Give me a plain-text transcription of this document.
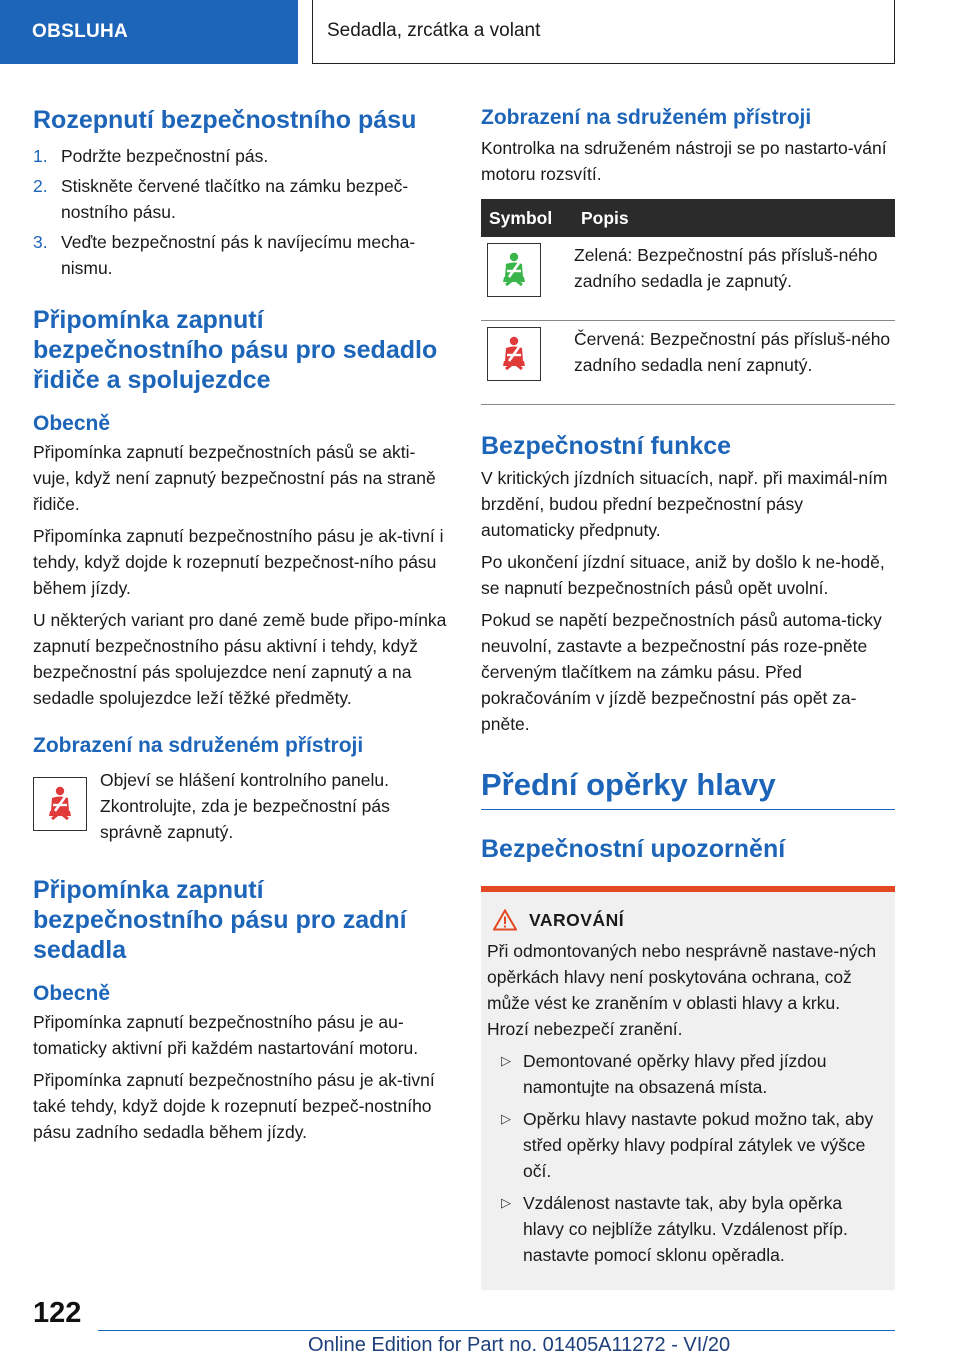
OBSLUHA	Sedadla, zrcátka a volant
Rozepnutí bezpečnostního pásu
1. Podržte bezpečnostní pás.
2. Stiskněte červené tlačítko na zámku bezpeč‐nostního pásu.
3. Veďte bezpečnostní pás k navíjecímu mecha‐nismu.
Připomínka zapnutí bezpečnostního pásu pro sedadlo řidiče a spolujezdce
Obecně

Připomínka zapnutí bezpečnostních pásů se akti‐vuje, když není zapnutý bezpečnostní pás na straně řidiče.

Připomínka zapnutí bezpečnostního pásu je ak‐tivní i tehdy, když dojde k rozepnutí bezpečnost‐ního pásu během jízdy.

U některých variant pro dané země bude připo‐mínka zapnutí bezpečnostního pásu aktivní i tehdy, když bezpečnostní pás spolujezdce není zapnutý a na sedadle spolujezdce leží těžké předměty.

Zobrazení na sdruženém přístroji

Objeví se hlášení kontrolního panelu. Zkontrolujte, zda je bezpečnostní pás správně zapnutý.

Připomínka zapnutí bezpečnostního pásu pro zadní sedadla
Obecně

Připomínka zapnutí bezpečnostního pásu je au‐tomaticky aktivní při každém nastartování motoru.

Připomínka zapnutí bezpečnostního pásu je ak‐tivní také tehdy, když dojde k rozepnutí bezpeč‐nostního pásu zadního sedadla během jízdy.

Zobrazení na sdruženém přístroji

Kontrolka na sdruženém nástroji se po nastarto‐vání motoru rozsvítí.

Symbol	Popis

	Zelená: Bezpečnostní pás přísluš‐ného zadního sedadla je zapnutý.

	Červená: Bezpečnostní pás přísluš‐ného zadního sedadla není zapnutý.
Bezpečnostní funkce

V kritických jízdních situacích, např. při maximál‐ním brzdění, budou přední bezpečnostní pásy automaticky předpnuty.

Po ukončení jízdní situace, aniž by došlo k ne‐hodě, se napnutí bezpečnostních pásů opět uvolní.

Pokud se napětí bezpečnostních pásů automa‐ticky neuvolní, zastavte a bezpečnostní pás roze‐pněte červeným tlačítkem na zámku pásu. Před pokračováním v jízdě bezpečnostní pás opět za‐pněte.

Přední opěrky hlavy
Bezpečnostní upozornění
VAROVÁNÍ

Při odmontovaných nebo nesprávně nastave‐ných opěrkách hlavy není poskytována ochrana, což může vést ke zraněním v oblasti hlavy a krku. Hrozí nebezpečí zranění.

▷ Demontované opěrky hlavy před jízdou namontujte na obsazená místa.
▷ Opěrku hlavy nastavte pokud možno tak, aby střed opěrky hlavy podpíral zátylek ve výšce očí.
▷ Vzdálenost nastavte tak, aby byla opěrka hlavy co nejblíže zátylku. Vzdálenost příp. nastavte pomocí sklonu opěradla.
122
Online Edition for Part no. 01405A11272 - VI/20
